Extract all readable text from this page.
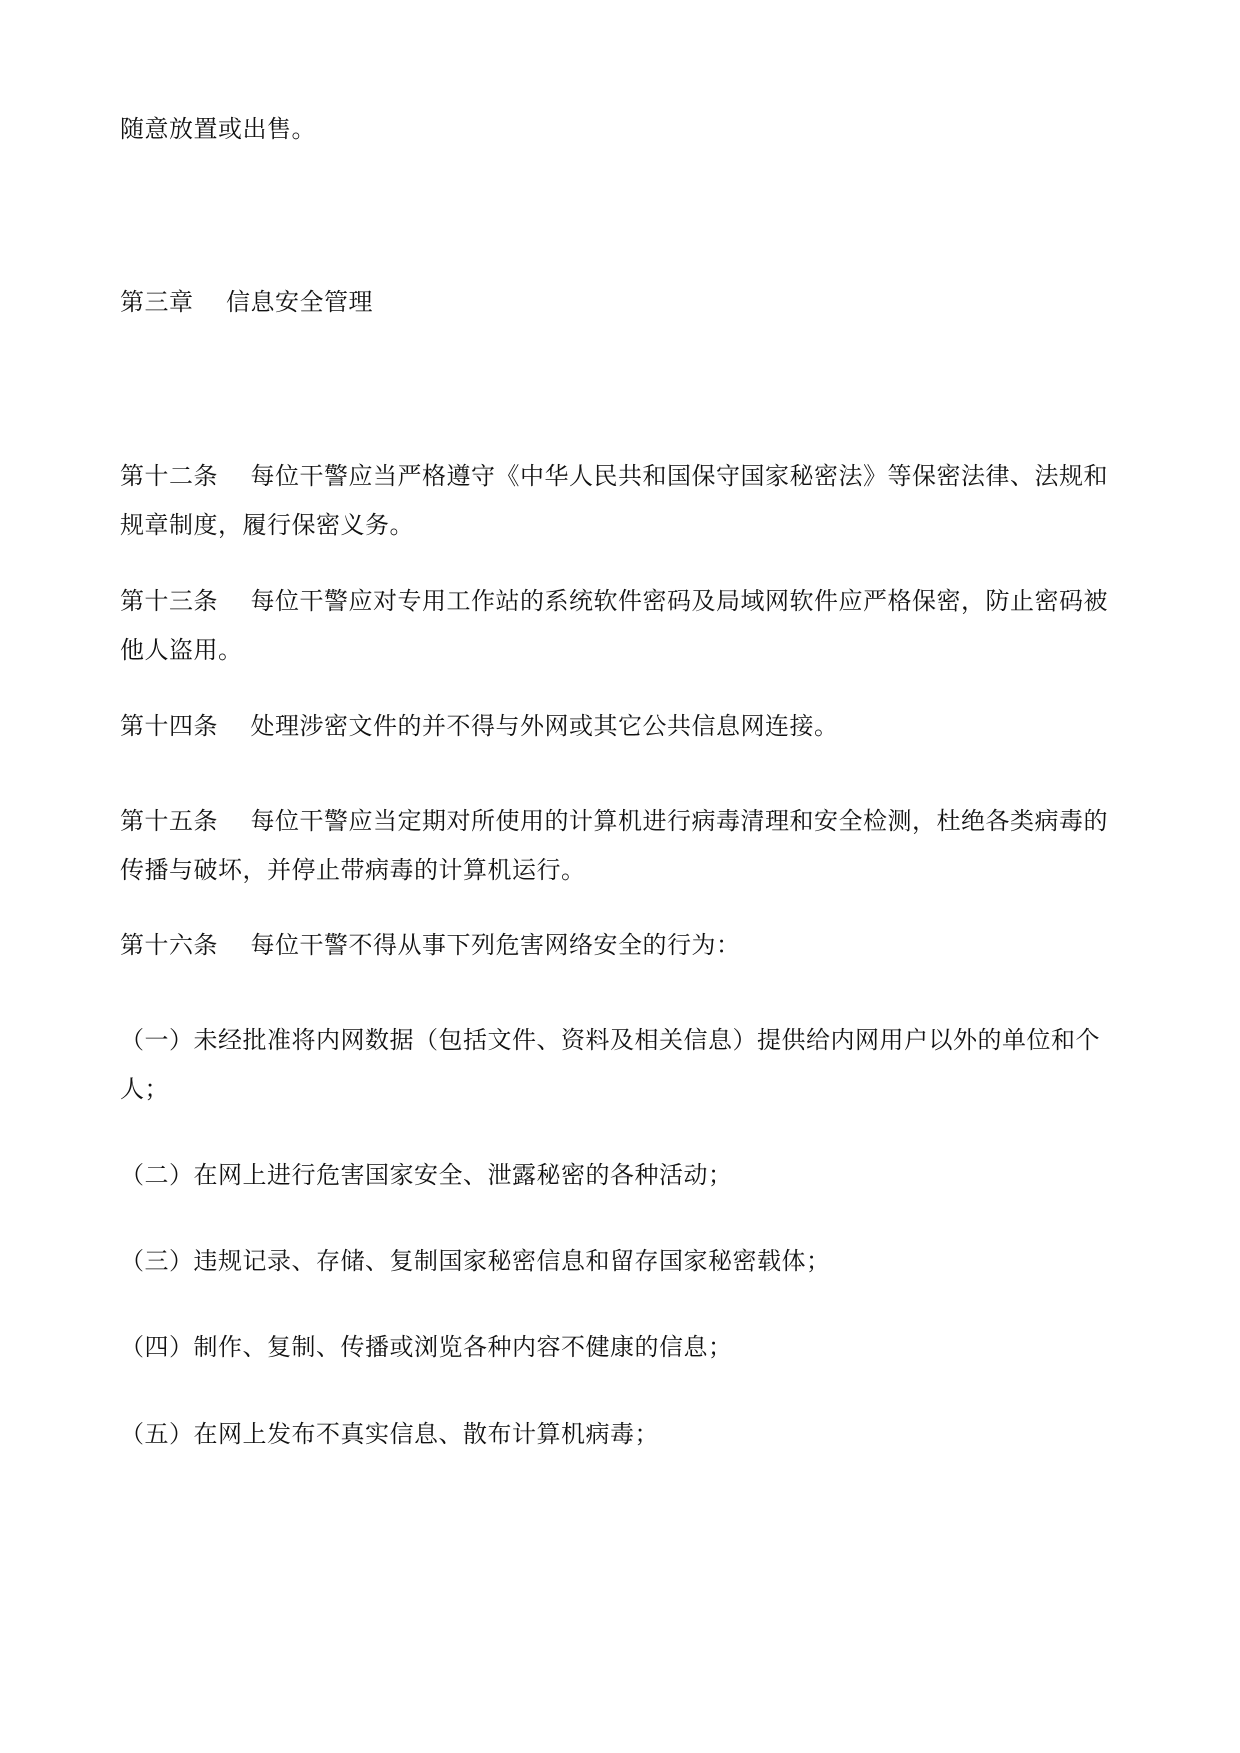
随意放置或出售。
第三章    信息安全管理
第十二条    每位干警应当严格遵守《中华人民共和国保守国家秘密法》等保密法律、法规和
规章制度，履行保密义务。
第十三条    每位干警应对专用工作站的系统软件密码及局域网软件应严格保密，防止密码被
他人盗用。
第十四条    处理涉密文件的并不得与外网或其它公共信息网连接。
第十五条    每位干警应当定期对所使用的计算机进行病毒清理和安全检测，杜绝各类病毒的
传播与破坏，并停止带病毒的计算机运行。
第十六条    每位干警不得从事下列危害网络安全的行为：
（一）未经批准将内网数据（包括文件、资料及相关信息）提供给内网用户以外的单位和个
人；
（二）在网上进行危害国家安全、泄露秘密的各种活动；
（三）违规记录、存储、复制国家秘密信息和留存国家秘密载体；
（四）制作、复制、传播或浏览各种内容不健康的信息；
（五）在网上发布不真实信息、散布计算机病毒；
